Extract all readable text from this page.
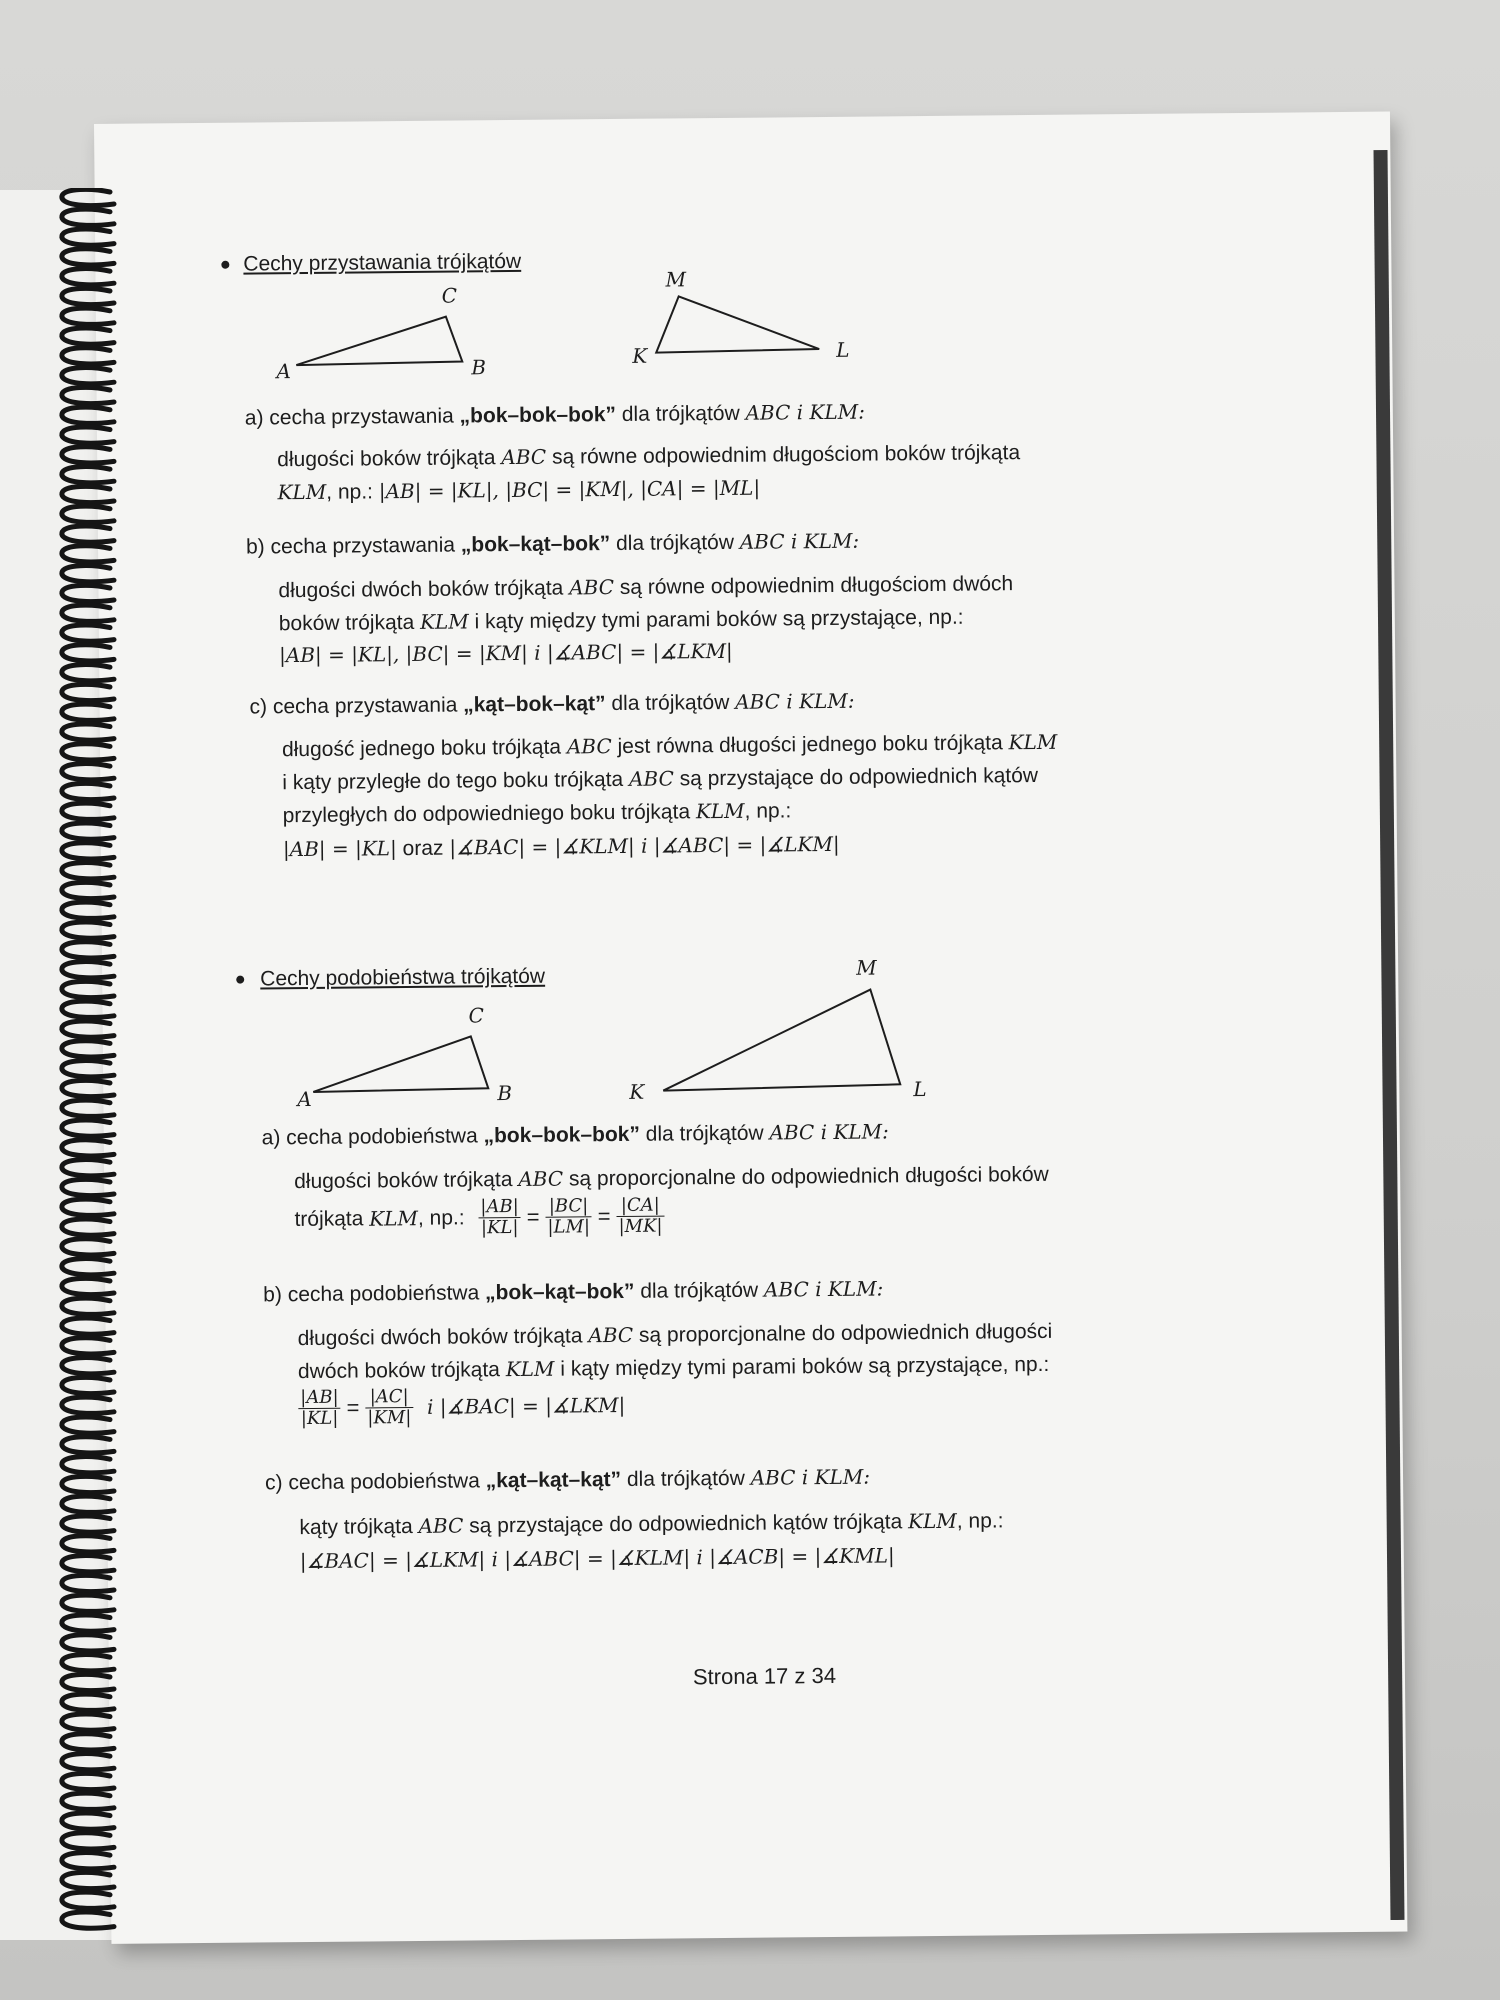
Cechy przystawania trójkątów
A	B
C
K	L
M
a) cecha przystawania „bok–bok–bok” dla trójkątów ABC i KLM:
długości boków trójkąta ABC są równe odpowiednim długościom boków trójkąta
KLM, np.: |AB| = |KL|, |BC| = |KM|, |CA| = |ML|
b) cecha przystawania „bok–kąt–bok” dla trójkątów ABC i KLM:
długości dwóch boków trójkąta ABC są równe odpowiednim długościom dwóch
boków trójkąta KLM i kąty między tymi parami boków są przystające, np.:
|AB| = |KL|, |BC| = |KM| i |∡ABC| = |∡LKM|
c) cecha przystawania „kąt–bok–kąt” dla trójkątów ABC i KLM:
długość jednego boku trójkąta ABC jest równa długości jednego boku trójkąta KLM
i kąty przyległe do tego boku trójkąta ABC są przystające do odpowiednich kątów
przyległych do odpowiedniego boku trójkąta KLM, np.:
|AB| = |KL| oraz |∡BAC| = |∡KLM| i |∡ABC| = |∡LKM|
Cechy podobieństwa trójkątów
A	B
C
K	L
M
a) cecha podobieństwa „bok–bok–bok” dla trójkątów ABC i KLM:
długości boków trójkąta ABC są proporcjonalne do odpowiednich długości boków
trójkąta KLM, np.: $\frac{|AB|}{|KL|} = \frac{|BC|}{|LM|} = \frac{|CA|}{|MK|}$
b) cecha podobieństwa „bok–kąt–bok” dla trójkątów ABC i KLM:
długości dwóch boków trójkąta ABC są proporcjonalne do odpowiednich długości
dwóch boków trójkąta KLM i kąty między tymi parami boków są przystające, np.:
$\frac{|AB|}{|KL|} = \frac{|AC|}{|KM|}$ i |∡BAC| = |∡LKM|
c) cecha podobieństwa „kąt–kąt–kąt” dla trójkątów ABC i KLM:
kąty trójkąta ABC są przystające do odpowiednich kątów trójkąta KLM, np.:
|∡BAC| = |∡LKM| i |∡ABC| = |∡KLM| i |∡ACB| = |∡KML|
Strona 17 z 34
